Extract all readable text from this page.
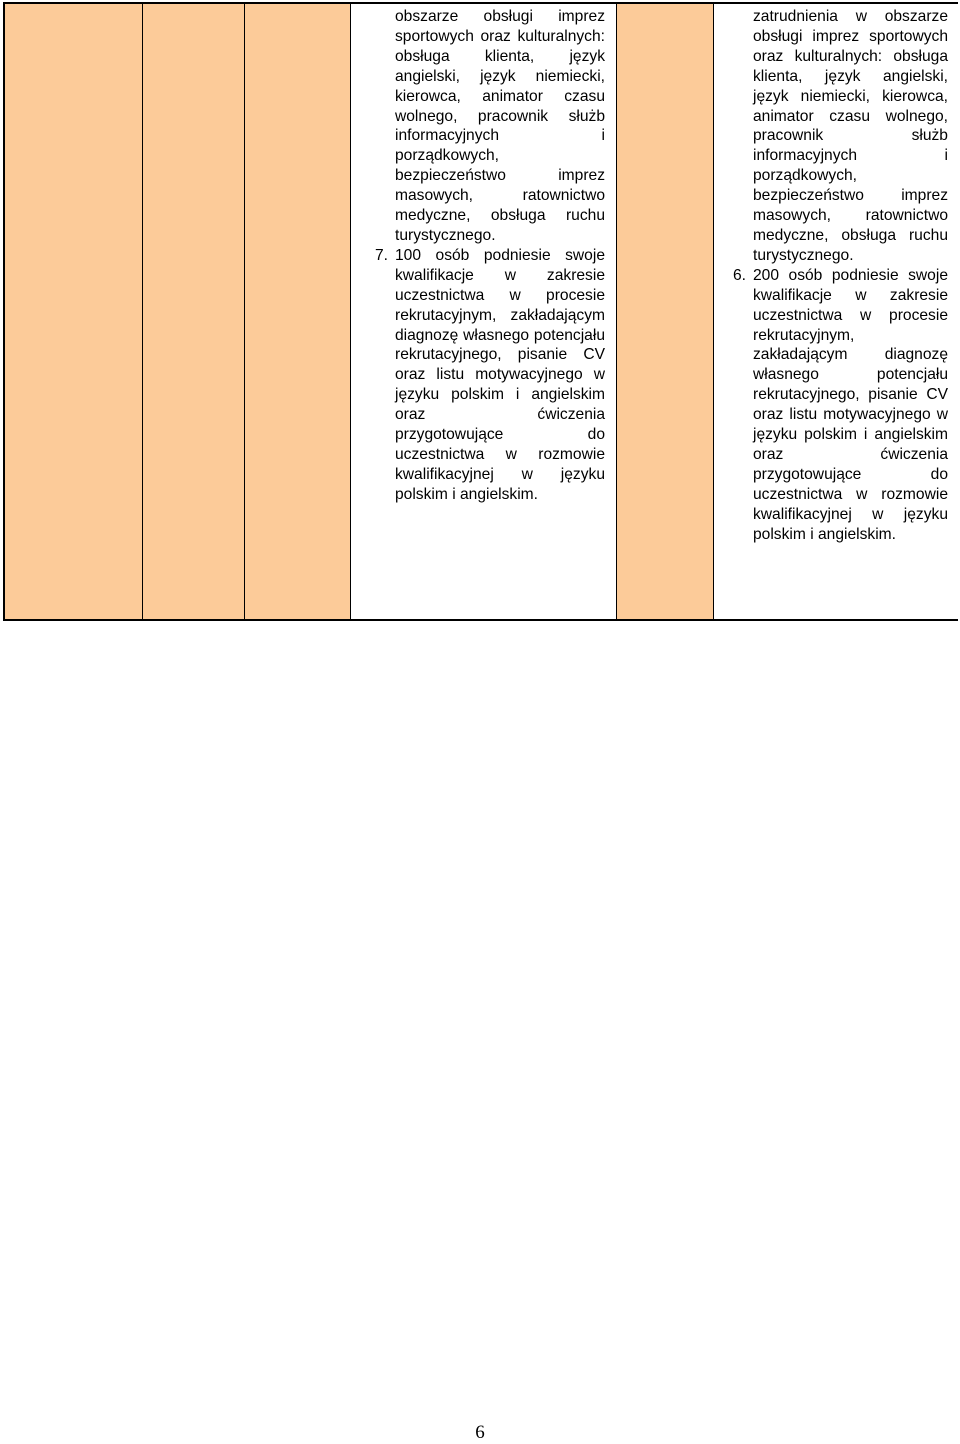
obszarze obsługi imprez sportowych oraz kulturalnych: obsługa klienta, język angielski, język niemiecki, kierowca, animator czasu wolnego, pracownik służb informacyjnych i porządkowych, bezpieczeństwo imprez masowych, ratownictwo medyczne, obsługa ruchu turystycznego.

7. 100 osób podniesie swoje kwalifikacje w zakresie uczestnictwa w procesie rekrutacyjnym, zakładającym diagnozę własnego potencjału rekrutacyjnego, pisanie CV oraz listu motywacyjnego w języku polskim i angielskim oraz ćwiczenia przygotowujące do uczestnictwa w rozmowie kwalifikacyjnej w języku polskim i angielskim.

zatrudnienia w obszarze obsługi imprez sportowych oraz kulturalnych: obsługa klienta, język angielski, język niemiecki, kierowca, animator czasu wolnego, pracownik służb informacyjnych i porządkowych, bezpieczeństwo imprez masowych, ratownictwo medyczne, obsługa ruchu turystycznego.

6. 200 osób podniesie swoje kwalifikacje w zakresie uczestnictwa w procesie rekrutacyjnym, zakładającym diagnozę własnego potencjału rekrutacyjnego, pisanie CV oraz listu motywacyjnego w języku polskim i angielskim oraz ćwiczenia przygotowujące do uczestnictwa w rozmowie kwalifikacyjnej w języku polskim i angielskim.

6
